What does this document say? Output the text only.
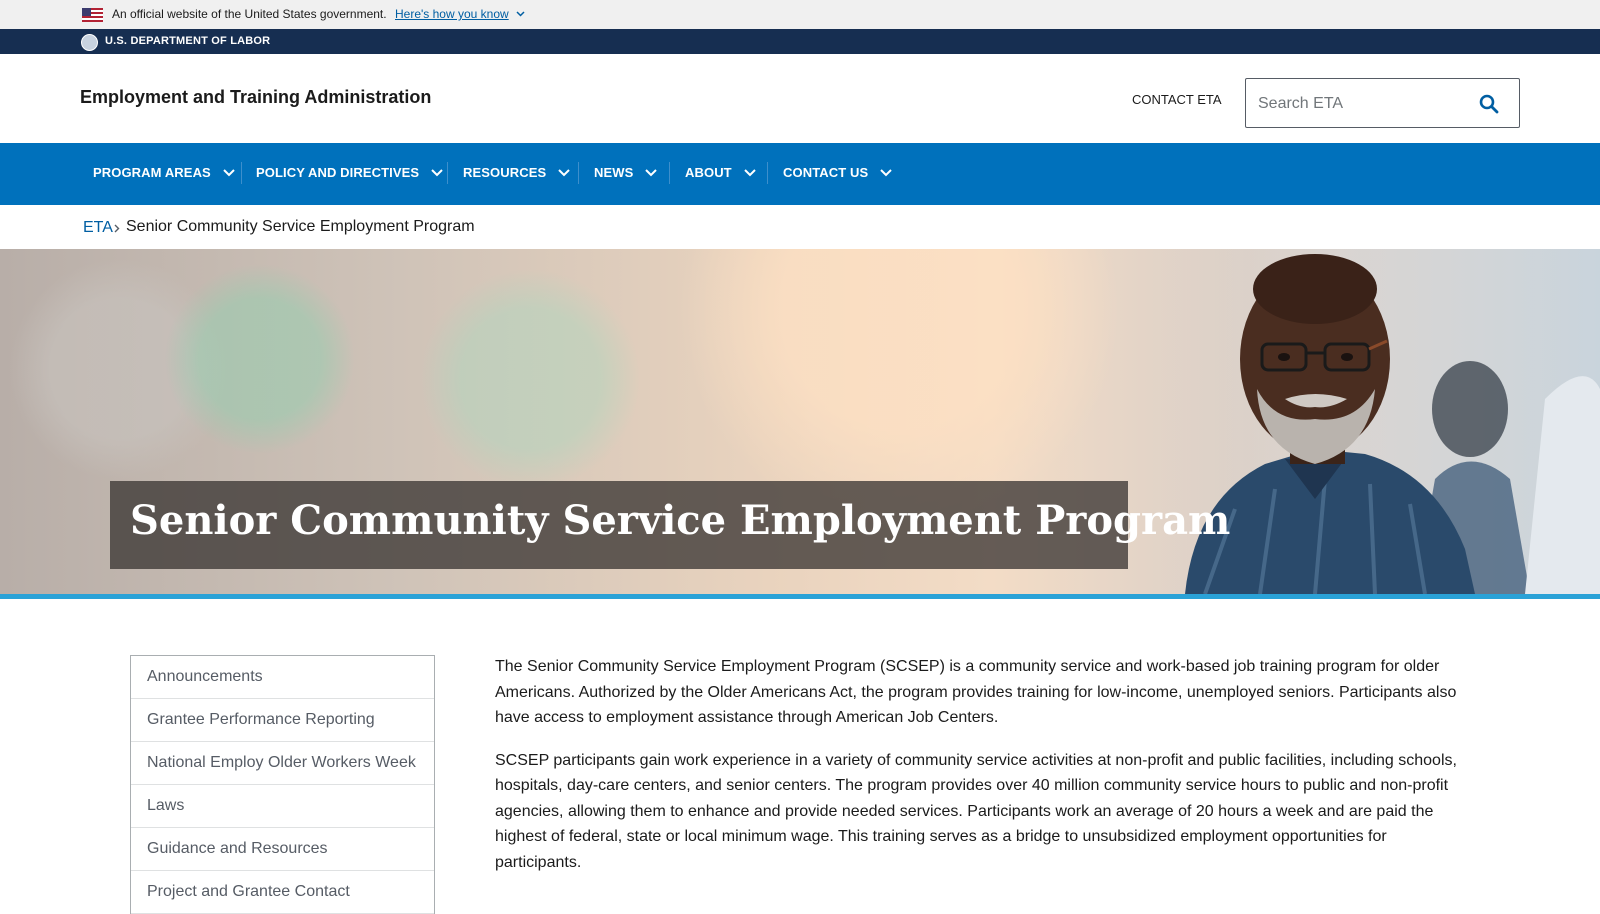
An official website of the United States government. Here's how you know
U.S. DEPARTMENT OF LABOR
Employment and Training Administration	CONTACT ETA
Search ETA
PROGRAM AREAS	POLICY AND DIRECTIVES	RESOURCES	NEWS	ABOUT	CONTACT US
ETA Senior Community Service Employment Program
Senior Community Service Employment Program
Announcements
Grantee Performance Reporting
National Employ Older Workers Week
Laws
Guidance and Resources
Project and Grantee Contact

The Senior Community Service Employment Program (SCSEP) is a community service and work-based job training program for older Americans. Authorized by the Older Americans Act, the program provides training for low-income, unemployed seniors. Participants also have access to employment assistance through American Job Centers.

SCSEP participants gain work experience in a variety of community service activities at non-profit and public facilities, including schools, hospitals, day-care centers, and senior centers. The program provides over 40 million community service hours to public and non-profit agencies, allowing them to enhance and provide needed services. Participants work an average of 20 hours a week and are paid the highest of federal, state or local minimum wage. This training serves as a bridge to unsubsidized employment opportunities for participants.
